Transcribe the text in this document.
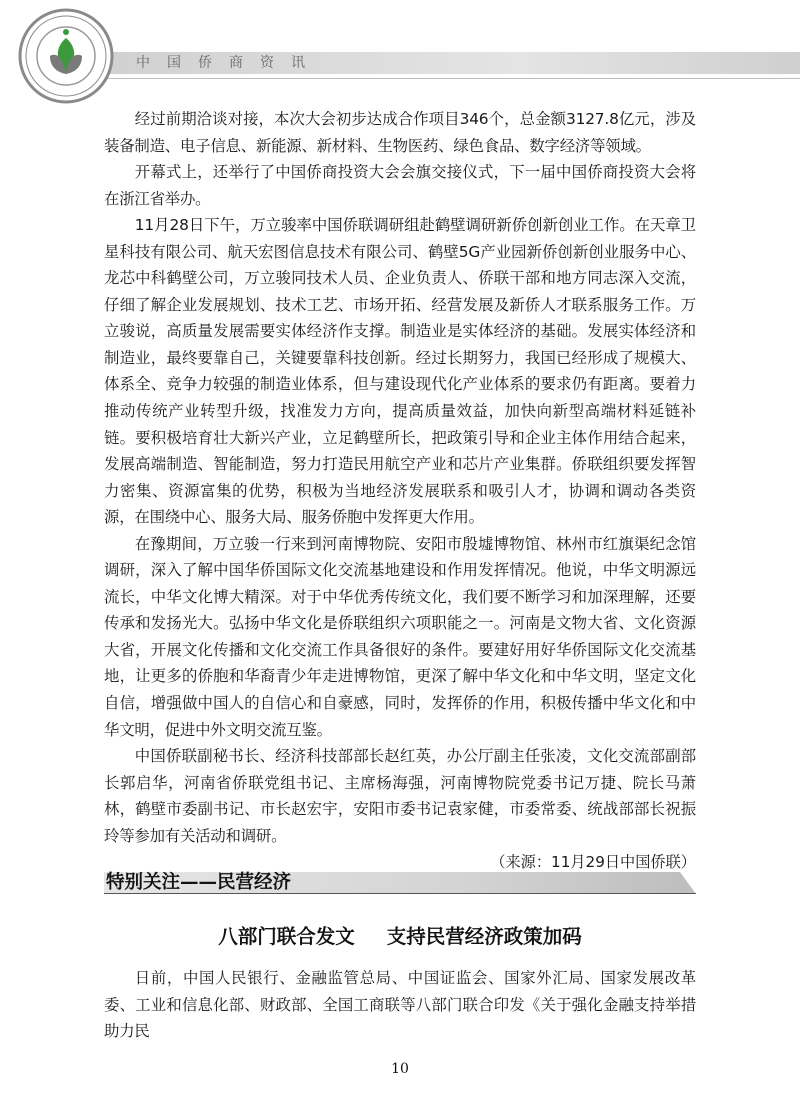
中国侨商资讯

经过前期洽谈对接，本次大会初步达成合作项目346个，总金额3127.8亿元，涉及装备制造、电子信息、新能源、新材料、生物医药、绿色食品、数字经济等领域。

开幕式上，还举行了中国侨商投资大会会旗交接仪式，下一届中国侨商投资大会将在浙江省举办。

11月28日下午，万立骏率中国侨联调研组赴鹤壁调研新侨创新创业工作。在天章卫星科技有限公司、航天宏图信息技术有限公司、鹤壁5G产业园新侨创新创业服务中心、龙芯中科鹤壁公司，万立骏同技术人员、企业负责人、侨联干部和地方同志深入交流，仔细了解企业发展规划、技术工艺、市场开拓、经营发展及新侨人才联系服务工作。万立骏说，高质量发展需要实体经济作支撑。制造业是实体经济的基础。发展实体经济和制造业，最终要靠自己，关键要靠科技创新。经过长期努力，我国已经形成了规模大、体系全、竞争力较强的制造业体系，但与建设现代化产业体系的要求仍有距离。要着力推动传统产业转型升级，找准发力方向，提高质量效益，加快向新型高端材料延链补链。要积极培育壮大新兴产业，立足鹤壁所长，把政策引导和企业主体作用结合起来，发展高端制造、智能制造，努力打造民用航空产业和芯片产业集群。侨联组织要发挥智力密集、资源富集的优势，积极为当地经济发展联系和吸引人才，协调和调动各类资源，在围绕中心、服务大局、服务侨胞中发挥更大作用。

在豫期间，万立骏一行来到河南博物院、安阳市殷墟博物馆、林州市红旗渠纪念馆调研，深入了解中国华侨国际文化交流基地建设和作用发挥情况。他说，中华文明源远流长，中华文化博大精深。对于中华优秀传统文化，我们要不断学习和加深理解，还要传承和发扬光大。弘扬中华文化是侨联组织六项职能之一。河南是文物大省、文化资源大省，开展文化传播和文化交流工作具备很好的条件。要建好用好华侨国际文化交流基地，让更多的侨胞和华裔青少年走进博物馆，更深了解中华文化和中华文明，坚定文化自信，增强做中国人的自信心和自豪感，同时，发挥侨的作用，积极传播中华文化和中华文明，促进中外文明交流互鉴。

中国侨联副秘书长、经济科技部部长赵红英，办公厅副主任张凌，文化交流部副部长郭启华，河南省侨联党组书记、主席杨海强，河南博物院党委书记万捷、院长马萧林，鹤壁市委副书记、市长赵宏宇，安阳市委书记袁家健，市委常委、统战部部长祝振玲等参加有关活动和调研。

（来源：11月29日中国侨联）

特别关注——民营经济
八部门联合发文 支持民营经济政策加码

日前，中国人民银行、金融监管总局、中国证监会、国家外汇局、国家发展改革委、工业和信息化部、财政部、全国工商联等八部门联合印发《关于强化金融支持举措 助力民

10
